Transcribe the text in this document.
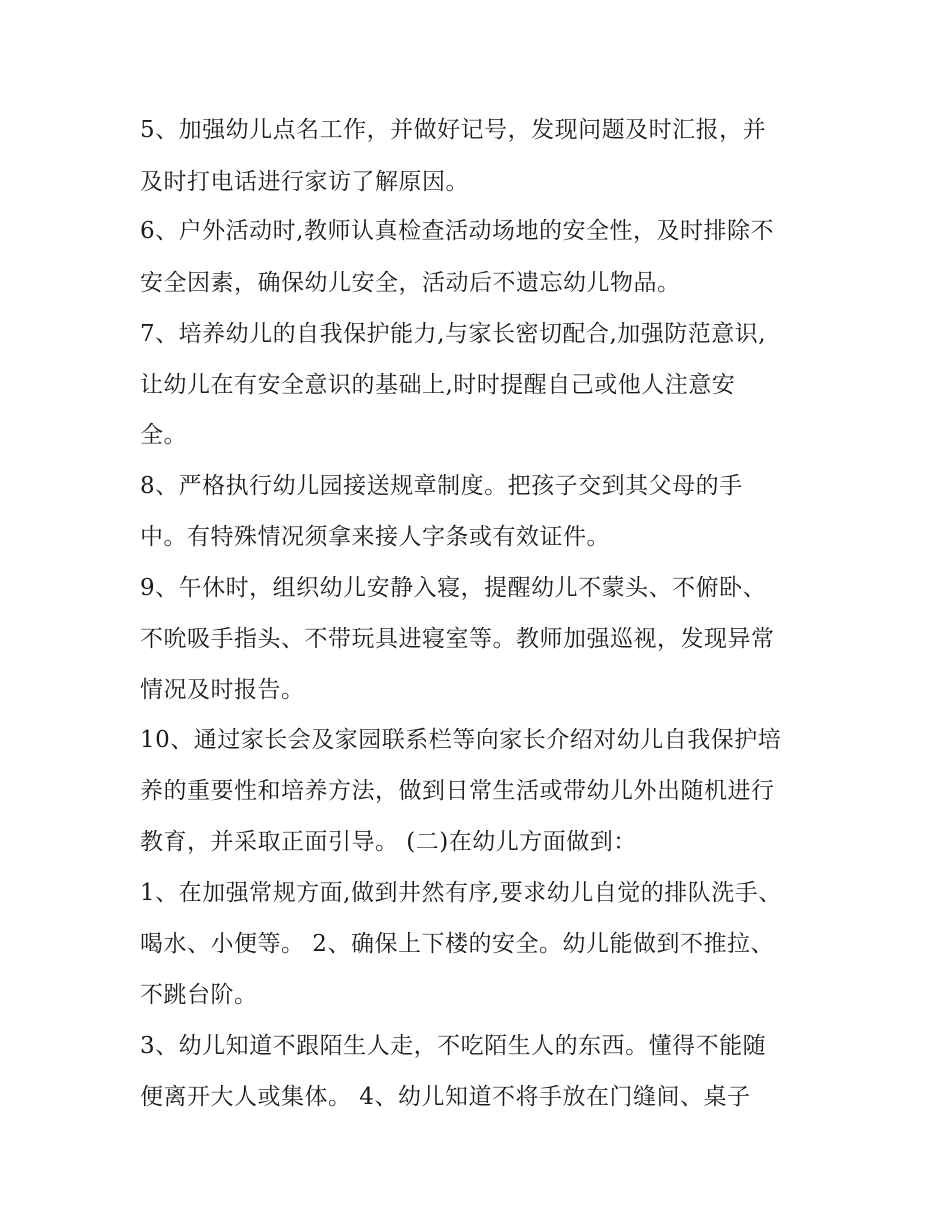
5、加强幼儿点名工作，并做好记号，发现问题及时汇报，并
及时打电话进行家访了解原因。
6、户外活动时,教师认真检查活动场地的安全性，及时排除不
安全因素，确保幼儿安全，活动后不遗忘幼儿物品。
7、培养幼儿的自我保护能力,与家长密切配合,加强防范意识,
让幼儿在有安全意识的基础上,时时提醒自己或他人注意安
全。
8、严格执行幼儿园接送规章制度。把孩子交到其父母的手
中。有特殊情况须拿来接人字条或有效证件。
9、午休时，组织幼儿安静入寝，提醒幼儿不蒙头、不俯卧、
不吮吸手指头、不带玩具进寝室等。教师加强巡视，发现异常
情况及时报告。
10、通过家长会及家园联系栏等向家长介绍对幼儿自我保护培
养的重要性和培养方法，做到日常生活或带幼儿外出随机进行
教育，并采取正面引导。 (二)在幼儿方面做到：
1、在加强常规方面,做到井然有序,要求幼儿自觉的排队洗手、
喝水、小便等。 2、确保上下楼的安全。幼儿能做到不推拉、
不跳台阶。
3、幼儿知道不跟陌生人走，不吃陌生人的东西。懂得不能随
便离开大人或集体。 4、幼儿知道不将手放在门缝间、桌子
